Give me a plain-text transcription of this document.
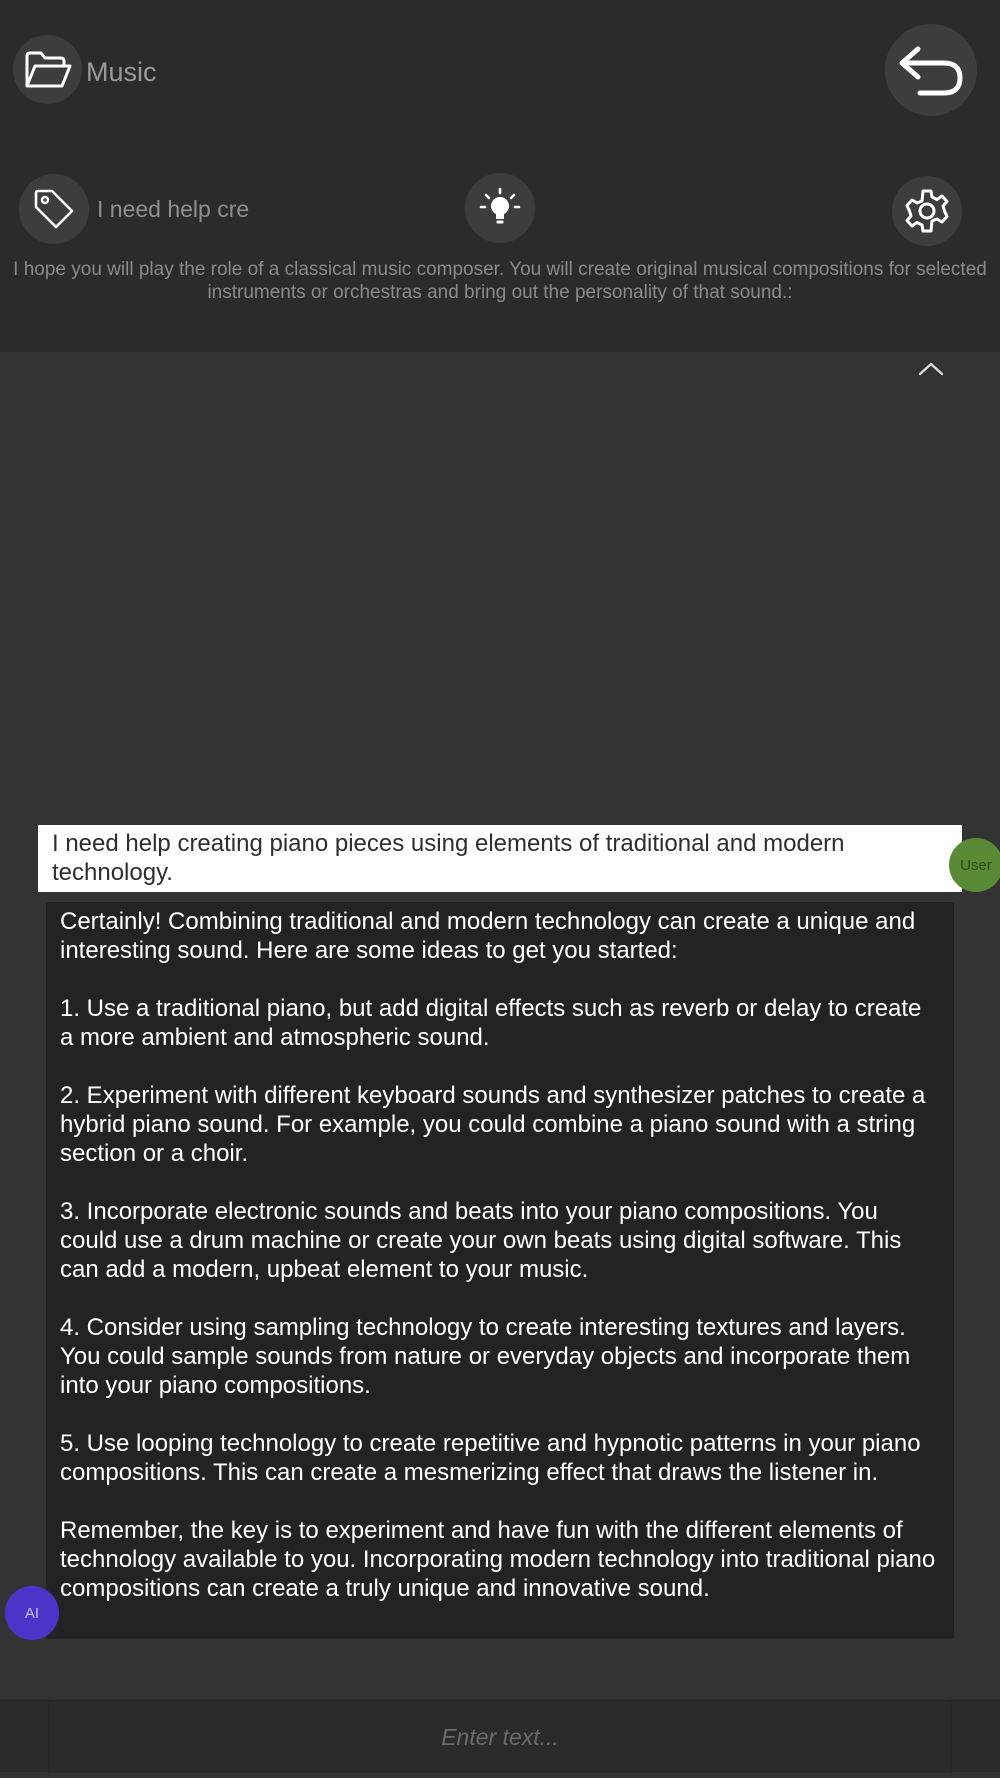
Music
I need help cre
I hope you will play the role of a classical music composer. You will create original musical compositions for selected instruments or orchestras and bring out the personality of that sound.:
I need help creating piano pieces using elements of traditional and modern technology.	User
Certainly! Combining traditional and modern technology can create a unique and interesting sound. Here are some ideas to get you started:

1. Use a traditional piano, but add digital effects such as reverb or delay to create a more ambient and atmospheric sound.

2. Experiment with different keyboard sounds and synthesizer patches to create a hybrid piano sound. For example, you could combine a piano sound with a string section or a choir.

3. Incorporate electronic sounds and beats into your piano compositions. You could use a drum machine or create your own beats using digital software. This can add a modern, upbeat element to your music.

4. Consider using sampling technology to create interesting textures and layers. You could sample sounds from nature or everyday objects and incorporate them into your piano compositions.

5. Use looping technology to create repetitive and hypnotic patterns in your piano compositions. This can create a mesmerizing effect that draws the listener in.

Remember, the key is to experiment and have fun with the different elements of technology available to you. Incorporating modern technology into traditional piano compositions can create a truly unique and innovative sound.
AI
Enter text...
